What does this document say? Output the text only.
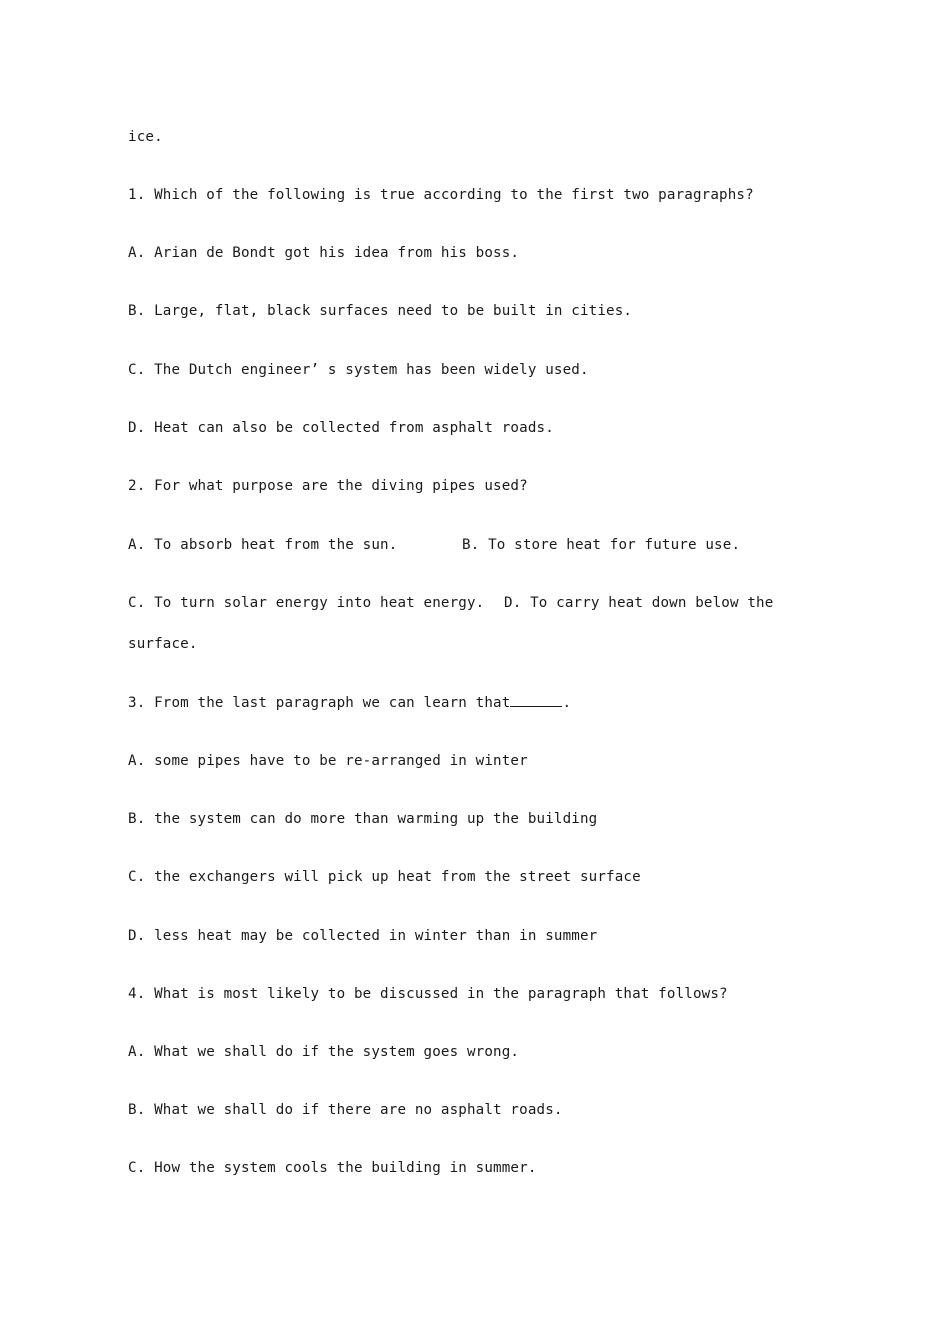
ice.
1. Which of the following is true according to the first two paragraphs?
A. Arian de Bondt got his idea from his boss.
B. Large, flat, black surfaces need to be built in cities.
C. The Dutch engineer’ s system has been widely used.
D. Heat can also be collected from asphalt roads.
2. For what purpose are the diving pipes used?
A. To absorb heat from the sun.	B. To store heat for future use.
C. To turn solar energy into heat energy. D. To carry heat down below the
surface.
3. From the last paragraph we can learn that	.
A. some pipes have to be re-arranged in winter
B. the system can do more than warming up the building
C. the exchangers will pick up heat from the street surface
D. less heat may be collected in winter than in summer
4. What is most likely to be discussed in the paragraph that follows?
A. What we shall do if the system goes wrong.
B. What we shall do if there are no asphalt roads.
C. How the system cools the building in summer.
